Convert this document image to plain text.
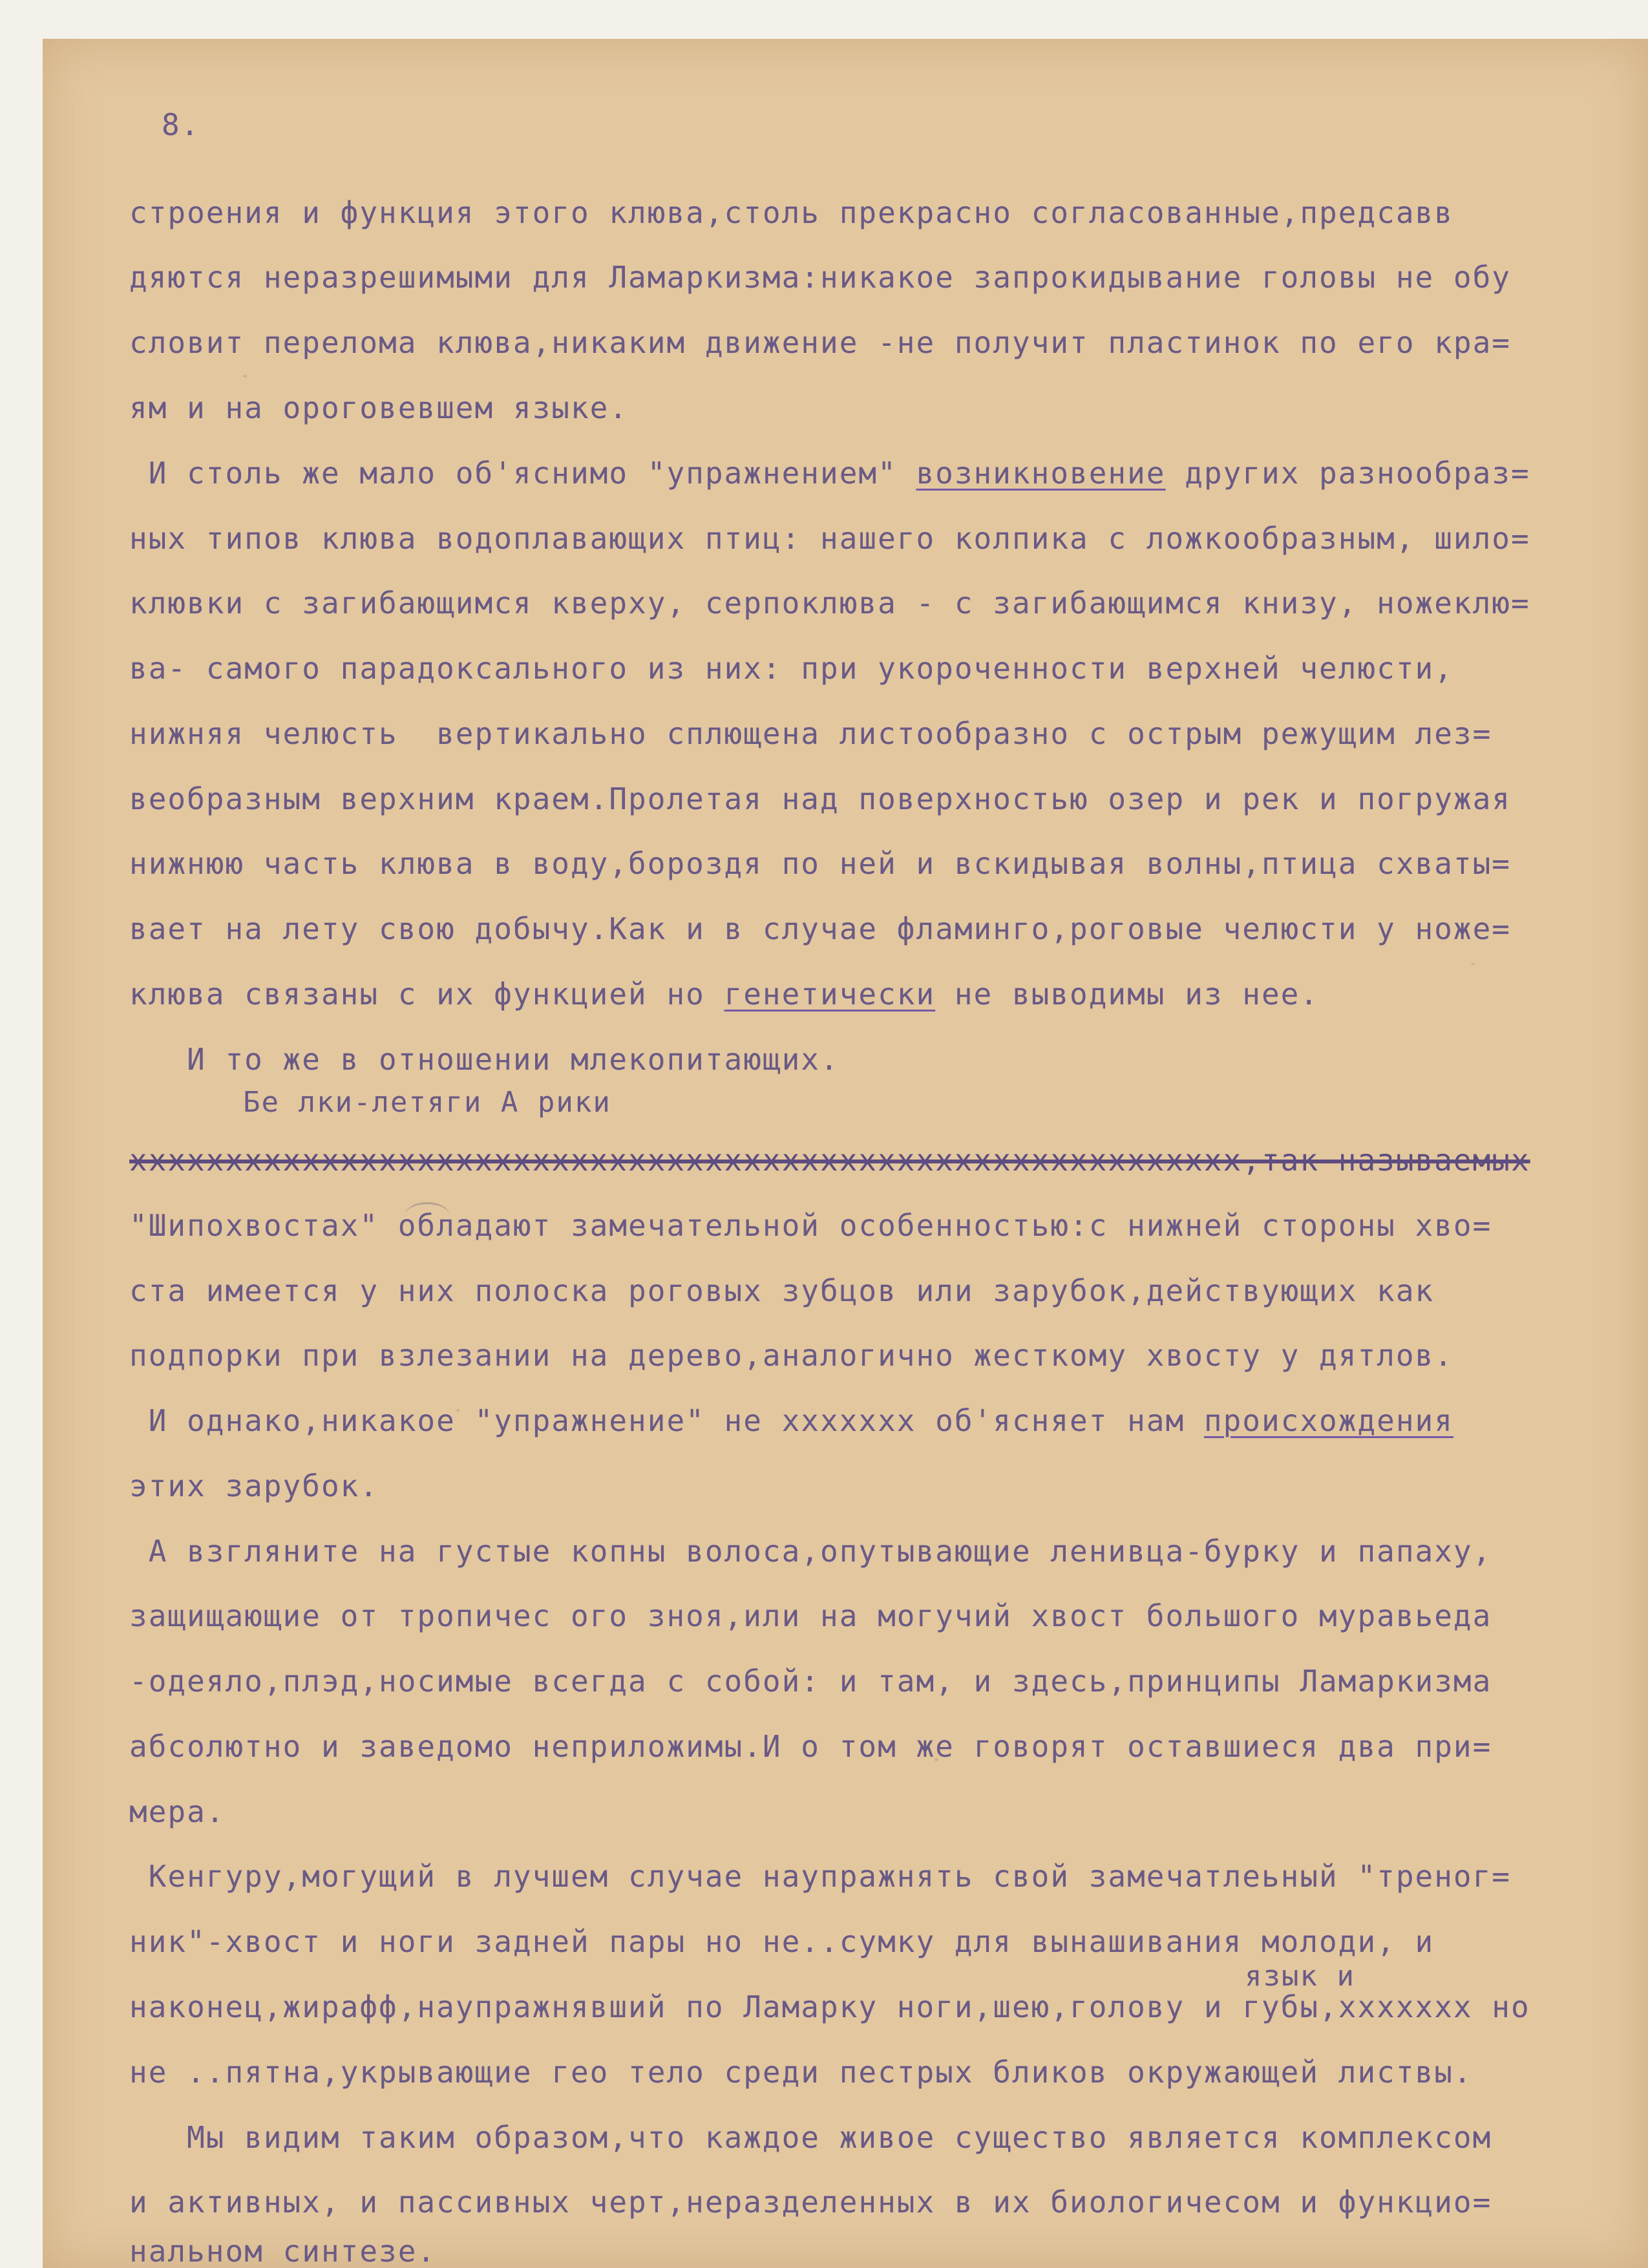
8.
строения и функция этого клюва,столь прекрасно согласованные,предсавв
дяются неразрешимыми для Ламаркизма:никакое запрокидывание головы не обу
словит перелома клюва,никаким движение -не получит пластинок по его кра=
ям и на ороговевшем языке.
И столь же мало об'яснимо "упражнением" возникновение других разнообраз=
ных типов клюва водоплавающих птиц: нашего колпика с ложкообразным, шило=
клювки с загибающимся кверху, серпоклюва - с загибающимся книзу, ножеклю=
ва- самого парадоксального из них: при укороченности верхней челюсти,
нижняя челюсть  вертикально сплющена листообразно с острым режущим лез=
веобразным верхним краем.Пролетая над поверхностью озер и рек и погружая
нижнюю часть клюва в воду,бороздя по ней и вскидывая волны,птица схваты=
вает на лету свою добычу.Как и в случае фламинго,роговые челюсти у ноже=
клюва связаны с их функцией но генетически не выводимы из нее.
И то же в отношении млекопитающих.
Бе лки-летяги А рики
хххххххххххххххххххххххххххххххххххххххххххххххххххххххххх,так называемых
"Шипохвостах" обладают замечательной особенностью:с нижней стороны хво=
ста имеется у них полоска роговых зубцов или зарубок,действующих как
подпорки при взлезании на дерево,аналогично жесткому хвосту у дятлов.
И однако,никакое "упражнение" не ххххххх об'ясняет нам происхождения
этих зарубок.
А взгляните на густые копны волоса,опутывающие ленивца-бурку и папаху,
защищающие от тропичес ого зноя,или на могучий хвост большого муравьеда
-одеяло,плэд,носимые всегда с собой: и там, и здесь,принципы Ламаркизма
абсолютно и заведомо неприложимы.И о том же говорят оставшиеся два при=
мера.
Кенгуру,могущий в лучшем случае наупражнять свой замечатлеьный "треног=
ник"-хвост и ноги задней пары но не..сумку для вынашивания молоди, и
язык и
наконец,жирафф,наупражнявший по Ламарку ноги,шею,голову и губы,ххххххх но
не ..пятна,укрывающие гео тело среди пестрых бликов окружающей листвы.
Мы видим таким образом,что каждое живое существо является комплексом
и активных, и пассивных черт,неразделенных в их биологичесом и функцио=
нальном синтезе.
